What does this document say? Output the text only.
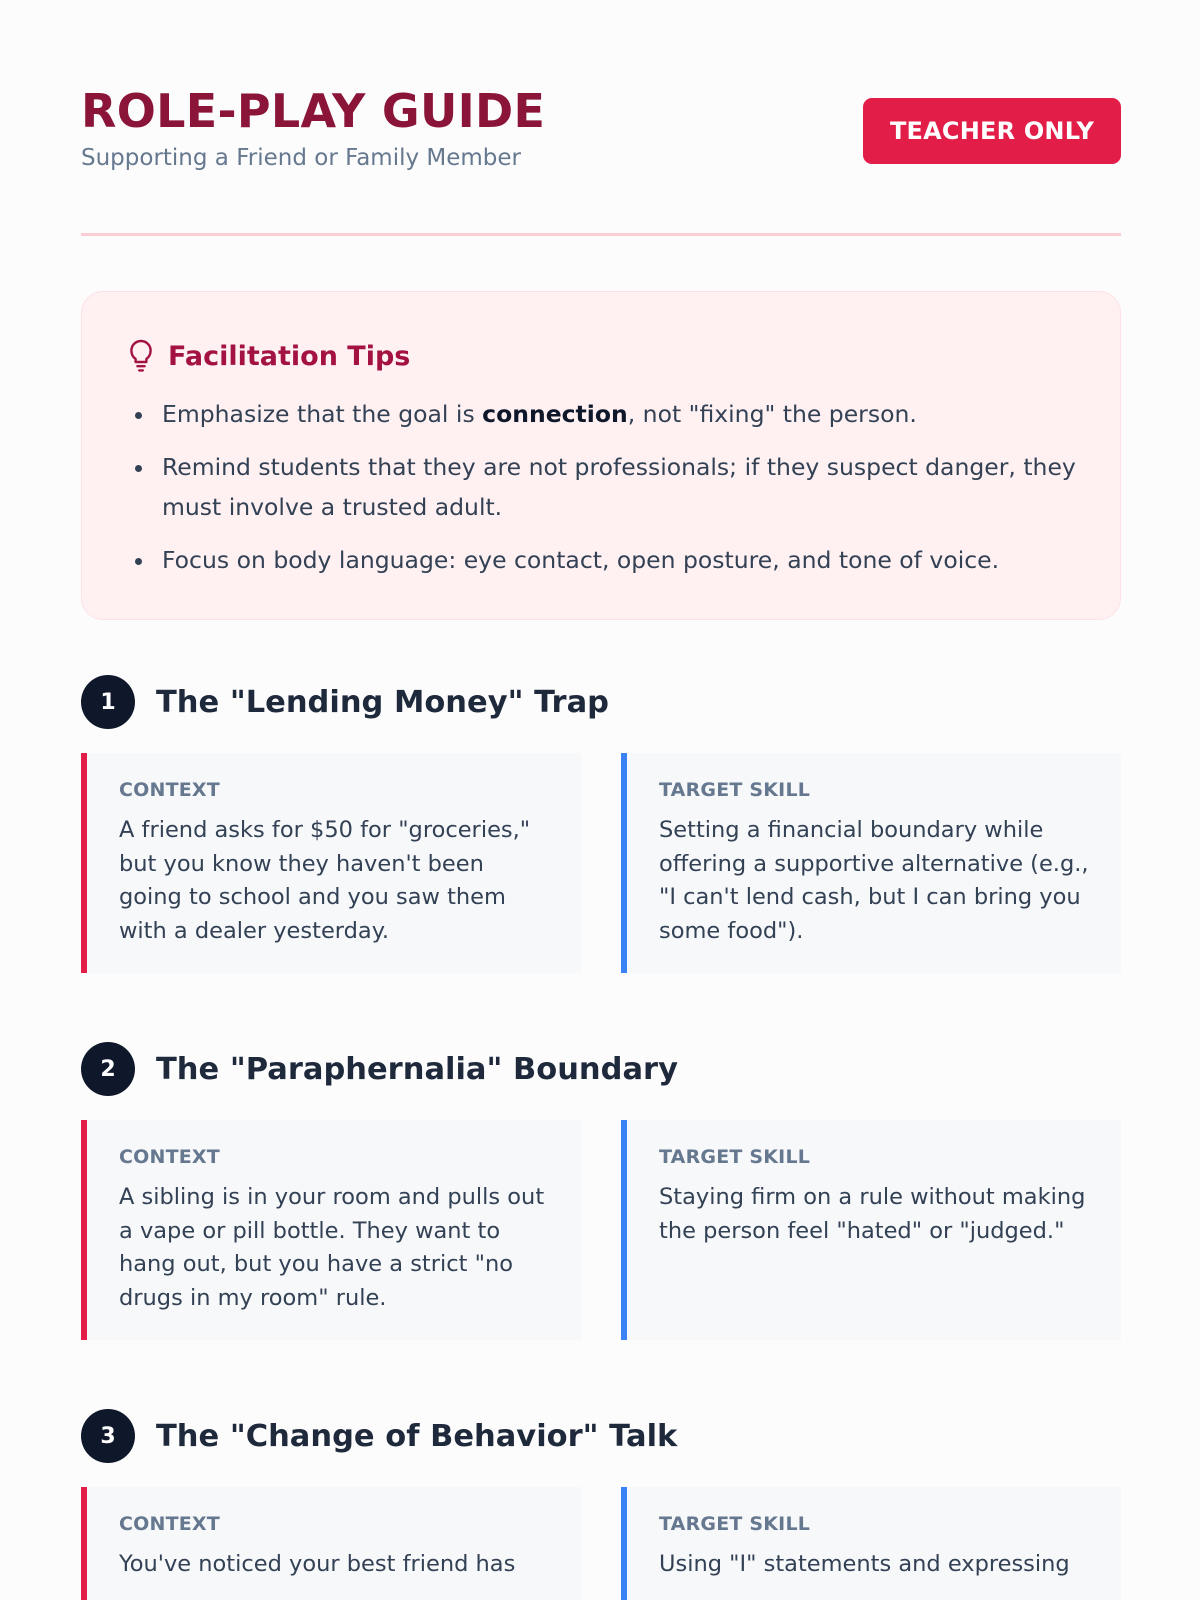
ROLE-PLAY GUIDE
Supporting a Friend or Family Member
TEACHER ONLY
Facilitation Tips
Emphasize that the goal is connection, not "fixing" the person.
Remind students that they are not professionals; if they suspect danger, they must involve a trusted adult.
Focus on body language: eye contact, open posture, and tone of voice.
1	The "Lending Money" Trap
CONTEXT

A friend asks for $50 for "groceries," but you know they haven't been going to school and you saw them with a dealer yesterday.

TARGET SKILL

Setting a financial boundary while offering a supportive alternative (e.g., "I can't lend cash, but I can bring you some food").

2	The "Paraphernalia" Boundary
CONTEXT

A sibling is in your room and pulls out a vape or pill bottle. They want to hang out, but you have a strict "no drugs in my room" rule.

TARGET SKILL

Staying firm on a rule without making the person feel "hated" or "judged."

3	The "Change of Behavior" Talk
CONTEXT

You've noticed your best friend has

TARGET SKILL

Using "I" statements and expressing
